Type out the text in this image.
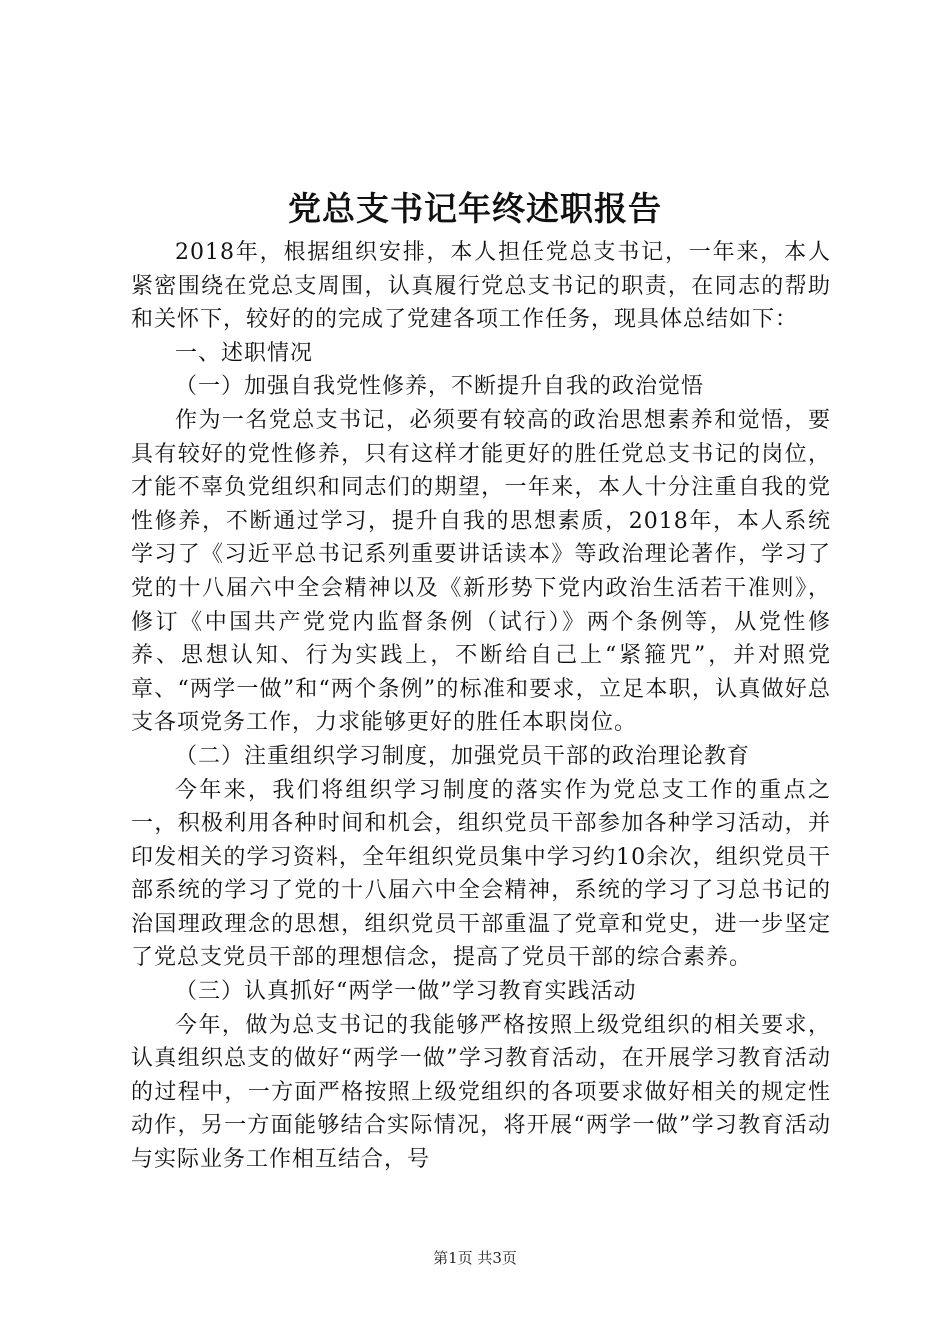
党总支书记年终述职报告

2018年，根据组织安排，本人担任党总支书记，一年来，本人紧密围绕在党总支周围，认真履行党总支书记的职责，在同志的帮助和关怀下，较好的的完成了党建各项工作任务，现具体总结如下：

一、述职情况

（一）加强自我党性修养，不断提升自我的政治觉悟

作为一名党总支书记，必须要有较高的政治思想素养和觉悟，要具有较好的党性修养，只有这样才能更好的胜任党总支书记的岗位，才能不辜负党组织和同志们的期望，一年来，本人十分注重自我的党性修养，不断通过学习，提升自我的思想素质，2018年，本人系统学习了《习近平总书记系列重要讲话读本》等政治理论著作，学习了党的十八届六中全会精神以及《新形势下党内政治生活若干准则》，修订《中国共产党党内监督条例（试行）》两个条例等，从党性修养、思想认知、行为实践上，不断给自己上“紧箍咒”，并对照党章、“两学一做”和“两个条例”的标准和要求，立足本职，认真做好总支各项党务工作，力求能够更好的胜任本职岗位。

（二）注重组织学习制度，加强党员干部的政治理论教育

今年来，我们将组织学习制度的落实作为党总支工作的重点之一，积极利用各种时间和机会，组织党员干部参加各种学习活动，并印发相关的学习资料，全年组织党员集中学习约10余次，组织党员干部系统的学习了党的十八届六中全会精神，系统的学习了习总书记的治国理政理念的思想，组织党员干部重温了党章和党史，进一步坚定了党总支党员干部的理想信念，提高了党员干部的综合素养。

（三）认真抓好“两学一做”学习教育实践活动

今年，做为总支书记的我能够严格按照上级党组织的相关要求，认真组织总支的做好“两学一做”学习教育活动，在开展学习教育活动的过程中，一方面严格按照上级党组织的各项要求做好相关的规定性动作，另一方面能够结合实际情况，将开展“两学一做”学习教育活动与实际业务工作相互结合，号

第1页 共3页
